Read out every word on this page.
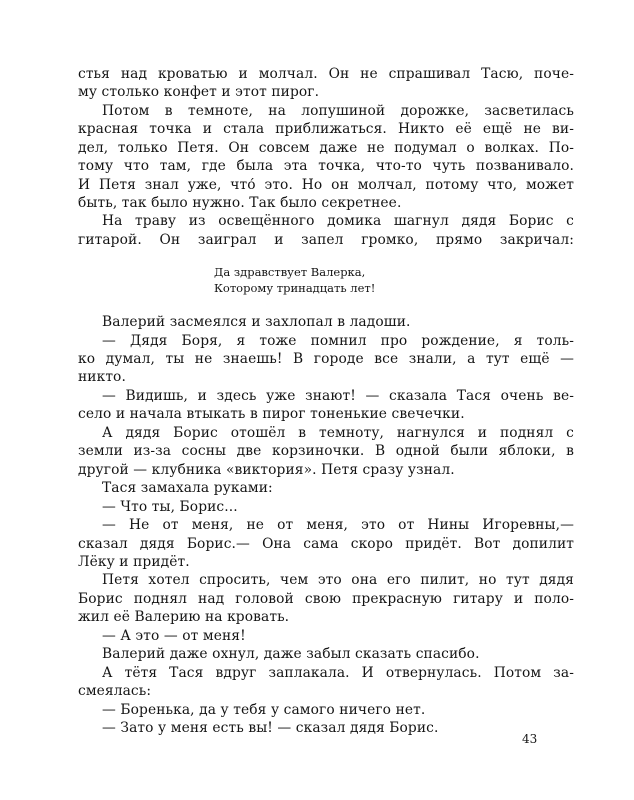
стья над кроватью и молчал. Он не спрашивал Тасю, поче-
му столько конфет и этот пирог.
Потом в темноте, на лопушиной дорожке, засветилась
красная точка и стала приближаться. Никто её ещё не ви-
дел, только Петя. Он совсем даже не подумал о волках. По-
тому что там, где была эта точка, что-то чуть позванивало.
И Петя знал уже, что́ это. Но он молчал, потому что, может
быть, так было нужно. Так было секретнее.
На траву из освещённого домика шагнул дядя Борис с
гитарой. Он заиграл и запел громко, прямо закричал:
Да здравствует Валерка,
Которому тринадцать лет!
Валерий засмеялся и захлопал в ладоши.
— Дядя Боря, я тоже помнил про рождение, я толь-
ко думал, ты не знаешь! В городе все знали, а тут ещё —
никто.
— Видишь, и здесь уже знают! — сказала Тася очень ве-
село и начала втыкать в пирог тоненькие свечечки.
А дядя Борис отошёл в темноту, нагнулся и поднял с
земли из-за сосны две корзиночки. В одной были яблоки, в
другой — клубника «виктория». Петя сразу узнал.
Тася замахала руками:
— Что ты, Борис...
— Не от меня, не от меня, это от Нины Игоревны,—
сказал дядя Борис.— Она сама скоро придёт. Вот допилит
Лёку и придёт.
Петя хотел спросить, чем это она его пилит, но тут дядя
Борис поднял над головой свою прекрасную гитару и поло-
жил её Валерию на кровать.
43
— А это — от меня!
Валерий даже охнул, даже забыл сказать спасибо.
А тётя Тася вдруг заплакала. И отвернулась. Потом за-
смеялась:
— Боренька, да у тебя у самого ничего нет.
— Зато у меня есть вы! — сказал дядя Борис.
